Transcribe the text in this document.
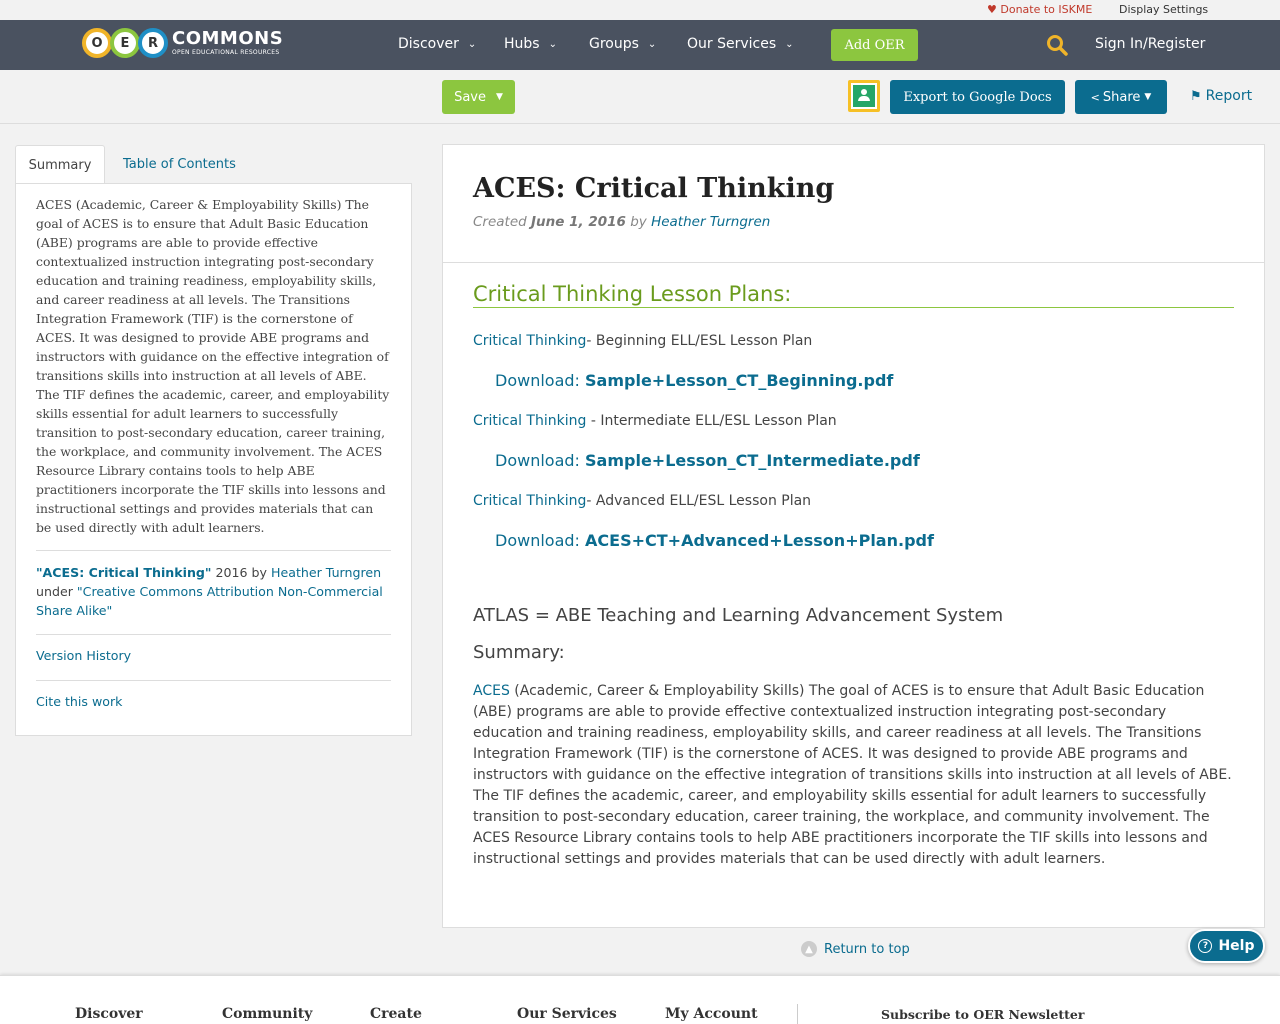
♥ Donate to ISKME Display Settings
O	E	R COMMONS
OPEN EDUCATIONAL RESOURCES
Discover ⌄ Hubs ⌄ Groups ⌄ Our Services ⌄	Add OER	Sign In/Register
Save ▼	Export to Google Docs	< Share ▼	⚑ Report
Summary	Table of Contents
ACES (Academic, Career & Employability Skills) The goal of ACES is to ensure that Adult Basic Education (ABE) programs are able to provide effective contextualized instruction integrating post-secondary education and training readiness, employability skills, and career readiness at all levels. The Transitions Integration Framework (TIF) is the cornerstone of ACES. It was designed to provide ABE programs and instructors with guidance on the effective integration of transitions skills into instruction at all levels of ABE. The TIF defines the academic, career, and employability skills essential for adult learners to successfully transition to post-secondary education, career training, the workplace, and community involvement. The ACES Resource Library contains tools to help ABE practitioners incorporate the TIF skills into lessons and instructional settings and provides materials that can be used directly with adult learners.
"ACES: Critical Thinking" 2016 by Heather Turngren
under "Creative Commons Attribution Non-Commercial Share Alike"
Version History
Cite this work
ACES: Critical Thinking
Created June 1, 2016 by Heather Turngren
Critical Thinking Lesson Plans:
Critical Thinking- Beginning ELL/ESL Lesson Plan
Download: Sample+Lesson_CT_Beginning.pdf
Critical Thinking - Intermediate ELL/ESL Lesson Plan
Download: Sample+Lesson_CT_Intermediate.pdf
Critical Thinking- Advanced ELL/ESL Lesson Plan
Download: ACES+CT+Advanced+Lesson+Plan.pdf
ATLAS = ABE Teaching and Learning Advancement System
Summary:
ACES (Academic, Career & Employability Skills) The goal of ACES is to ensure that Adult Basic Education (ABE) programs are able to provide effective contextualized instruction integrating post-secondary education and training readiness, employability skills, and career readiness at all levels. The Transitions Integration Framework (TIF) is the cornerstone of ACES. It was designed to provide ABE programs and instructors with guidance on the effective integration of transitions skills into instruction at all levels of ABE. The TIF defines the academic, career, and employability skills essential for adult learners to successfully transition to post-secondary education, career training, the workplace, and community involvement. The ACES Resource Library contains tools to help ABE practitioners incorporate the TIF skills into lessons and instructional settings and provides materials that can be used directly with adult learners.
▲ Return to top	? Help
Discover	Community	Create	Our Services	My Account	Subscribe to OER Newsletter
